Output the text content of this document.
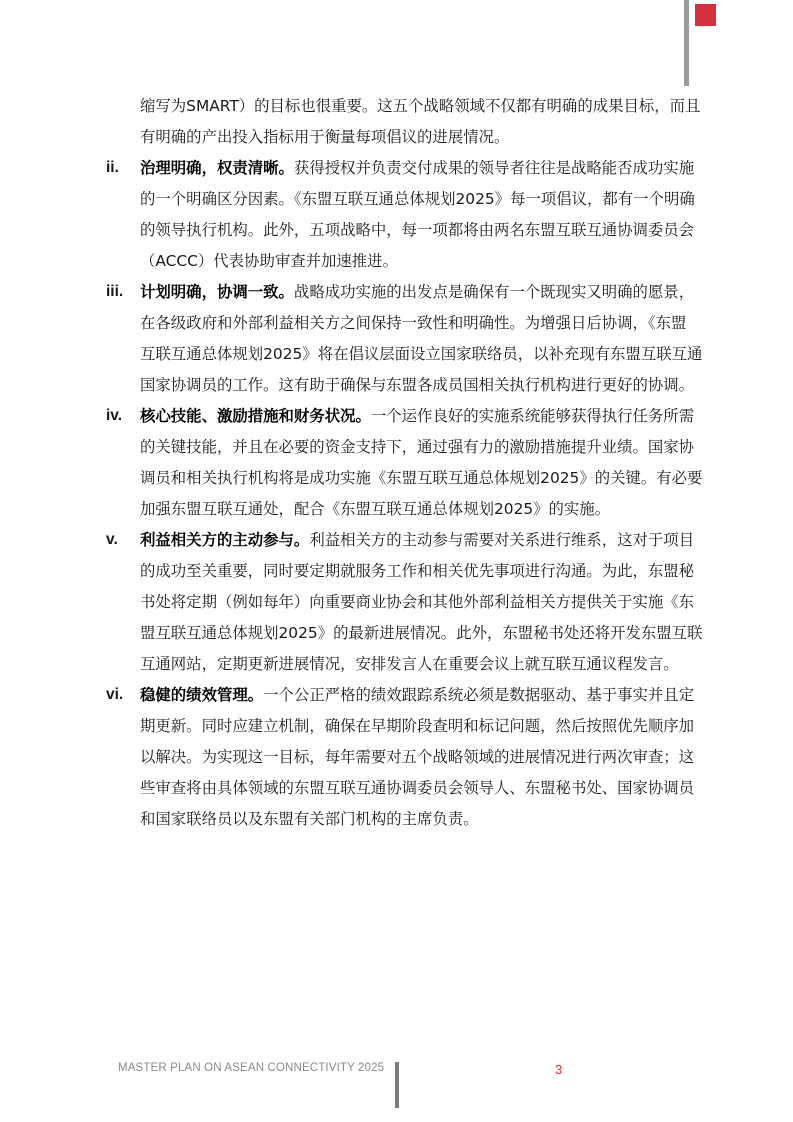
缩写为SMART）的目标也很重要。这五个战略领域不仅都有明确的成果目标，而且
有明确的产出投入指标用于衡量每项倡议的进展情况。
ii. 治理明确，权责清晰。获得授权并负责交付成果的领导者往往是战略能否成功实施
的一个明确区分因素。《东盟互联互通总体规划2025》每一项倡议，都有一个明确
的领导执行机构。此外，五项战略中，每一项都将由两名东盟互联互通协调委员会
（ACCC）代表协助审查并加速推进。
iii. 计划明确，协调一致。战略成功实施的出发点是确保有一个既现实又明确的愿景，
在各级政府和外部利益相关方之间保持一致性和明确性。为增强日后协调，《东盟
互联互通总体规划2025》将在倡议层面设立国家联络员，以补充现有东盟互联互通
国家协调员的工作。这有助于确保与东盟各成员国相关执行机构进行更好的协调。
iv. 核心技能、激励措施和财务状况。一个运作良好的实施系统能够获得执行任务所需
的关键技能，并且在必要的资金支持下，通过强有力的激励措施提升业绩。国家协
调员和相关执行机构将是成功实施《东盟互联互通总体规划2025》的关键。有必要
加强东盟互联互通处，配合《东盟互联互通总体规划2025》的实施。
v. 利益相关方的主动参与。利益相关方的主动参与需要对关系进行维系，这对于项目
的成功至关重要，同时要定期就服务工作和相关优先事项进行沟通。为此，东盟秘
书处将定期（例如每年）向重要商业协会和其他外部利益相关方提供关于实施《东
盟互联互通总体规划2025》的最新进展情况。此外，东盟秘书处还将开发东盟互联
互通网站，定期更新进展情况，安排发言人在重要会议上就互联互通议程发言。
vi. 稳健的绩效管理。一个公正严格的绩效跟踪系统必须是数据驱动、基于事实并且定
期更新。同时应建立机制，确保在早期阶段查明和标记问题，然后按照优先顺序加
以解决。为实现这一目标，每年需要对五个战略领域的进展情况进行两次审查；这
些审查将由具体领域的东盟互联互通协调委员会领导人、东盟秘书处、国家协调员
和国家联络员以及东盟有关部门机构的主席负责。
MASTER PLAN ON ASEAN CONNECTIVITY 2025	3
